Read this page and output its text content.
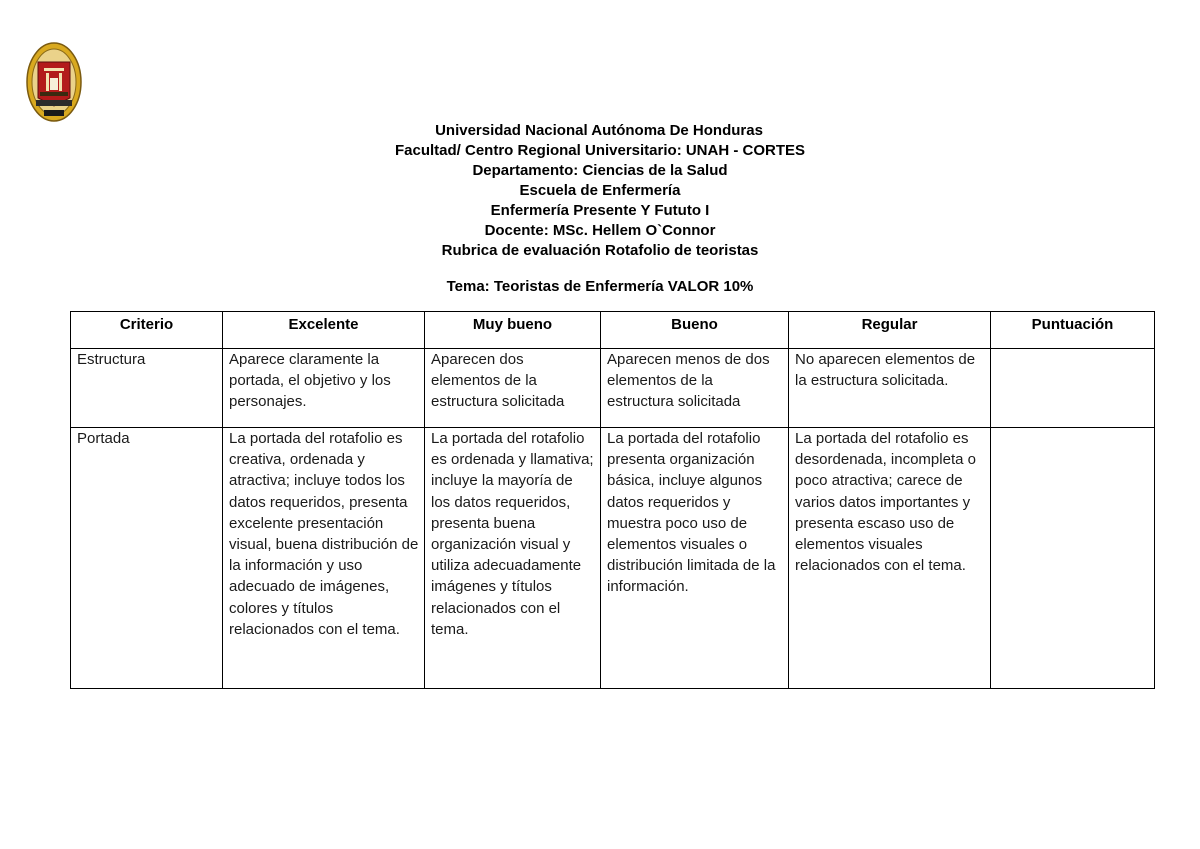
Universidad Nacional Autónoma De Honduras
Facultad/ Centro Regional Universitario: UNAH - CORTES
Departamento: Ciencias de la Salud
Escuela de Enfermería
Enfermería Presente Y Fututo I
Docente: MSc. Hellem O`Connor
Rubrica de evaluación Rotafolio de teoristas
Tema: Teoristas de Enfermería VALOR 10%
Criterio	Excelente	Muy bueno	Bueno	Regular	Puntuación
Estructura	Aparece claramente la portada, el objetivo y los personajes.	Aparecen dos elementos de la estructura solicitada	Aparecen menos de dos elementos de la estructura solicitada	No aparecen elementos de la estructura solicitada.	
Portada	La portada del rotafolio es creativa, ordenada y atractiva; incluye todos los datos requeridos, presenta excelente presentación visual, buena distribución de la información y uso adecuado de imágenes, colores y títulos relacionados con el tema.	La portada del rotafolio es ordenada y llamativa; incluye la mayoría de los datos requeridos, presenta buena organización visual y utiliza adecuadamente imágenes y títulos relacionados con el tema.	La portada del rotafolio presenta organización básica, incluye algunos datos requeridos y muestra poco uso de elementos visuales o distribución limitada de la información.	La portada del rotafolio es desordenada, incompleta o poco atractiva; carece de varios datos importantes y presenta escaso uso de elementos visuales relacionados con el tema.	
